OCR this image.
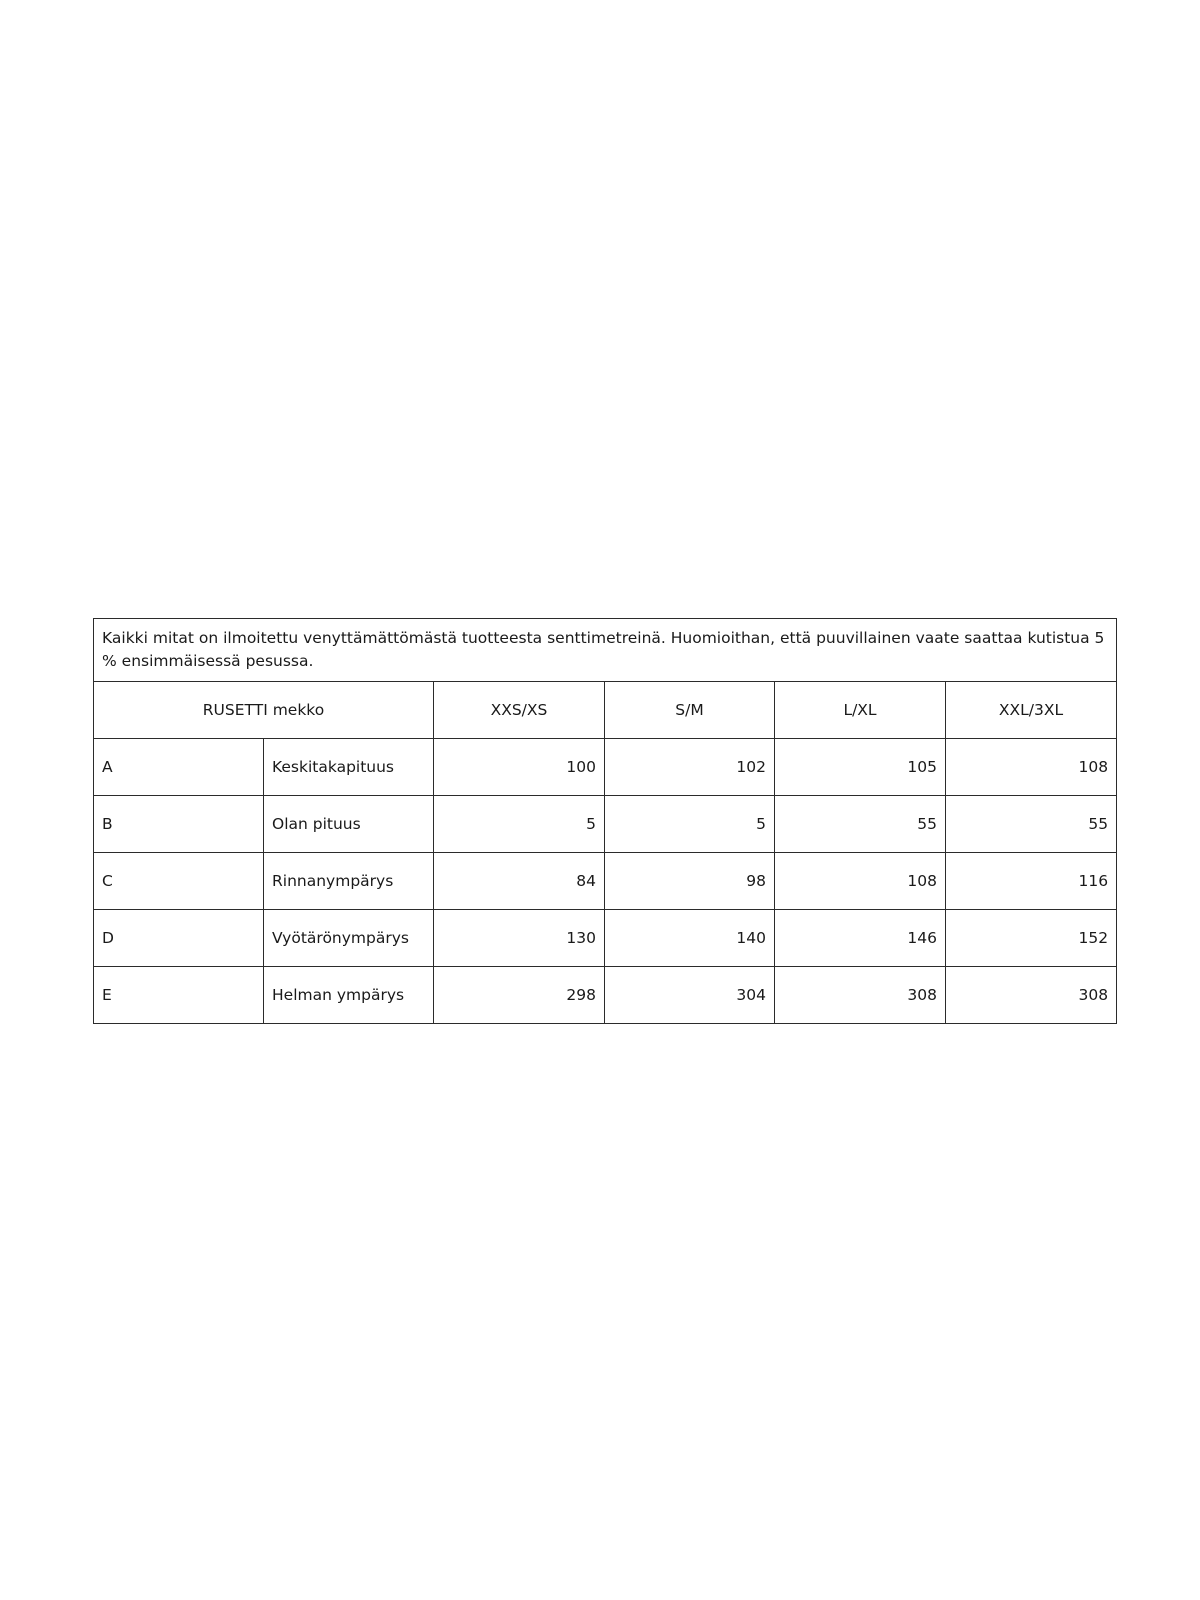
Kaikki mitat on ilmoitettu venyttämättömästä tuotteesta senttimetreinä. Huomioithan, että puuvillainen vaate saattaa kutistua 5 % ensimmäisessä pesussa.					
RUSETTI mekko		XXS/XS	S/M	L/XL	XXL/3XL
A	Keskitakapituus	100	102	105	108
B	Olan pituus	5	5	55	55
C	Rinnanympärys	84	98	108	116
D	Vyötärönympärys	130	140	146	152
E	Helman ympärys	298	304	308	308
